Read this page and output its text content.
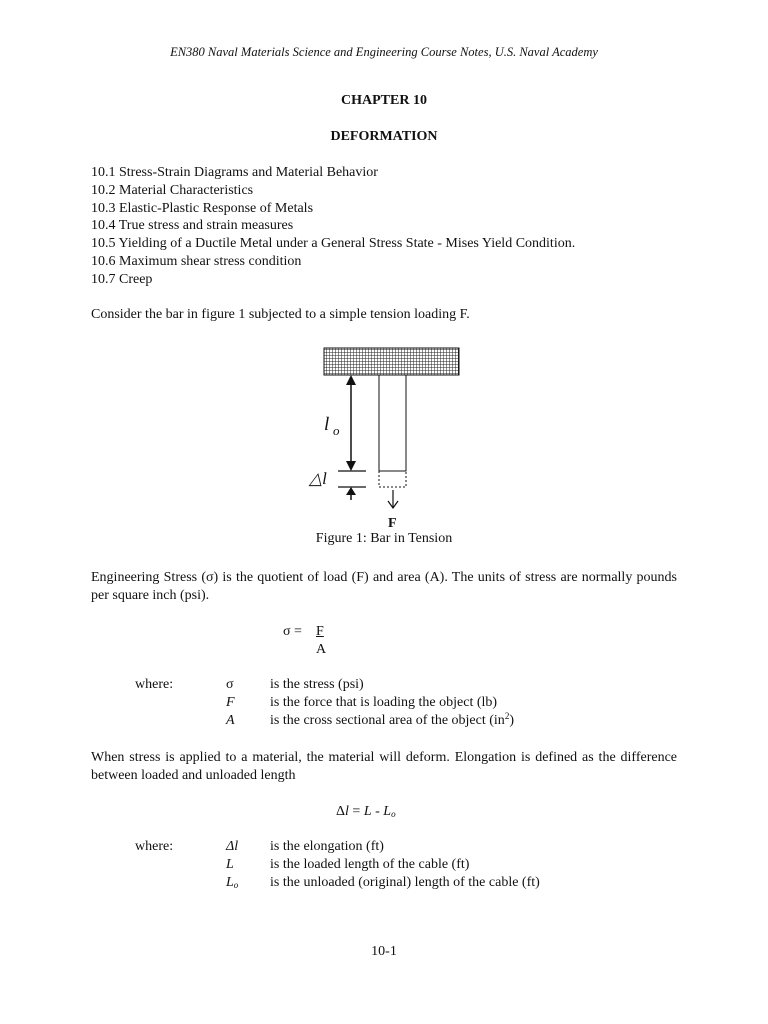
EN380 Naval Materials Science and Engineering Course Notes, U.S. Naval Academy
CHAPTER 10
DEFORMATION
10.1 Stress-Strain Diagrams and Material Behavior
10.2 Material Characteristics
10.3 Elastic-Plastic Response of Metals
10.4 True stress and strain measures
10.5 Yielding of a Ductile Metal under a General Stress State - Mises Yield Condition.
10.6 Maximum shear stress condition
10.7 Creep
Consider the bar in figure 1 subjected to a simple tension loading F.
l o
△l
F
Figure 1: Bar in Tension
Engineering Stress (σ) is the quotient of load (F) and area (A). The units of stress are normally pounds per square inch (psi).
σ = F
A
where:	σ	is the stress (psi)
F	is the force that is loading the object (lb)
A	is the cross sectional area of the object $(in^2)$
When stress is applied to a material, the material will deform. Elongation is defined as the difference between loaded and unloaded length
$\Delta l = L - L_o$
where:	Δl is the elongation (ft)
L	is the loaded length of the cable (ft)
$L_o$ is the unloaded (original) length of the cable (ft)
10-1
